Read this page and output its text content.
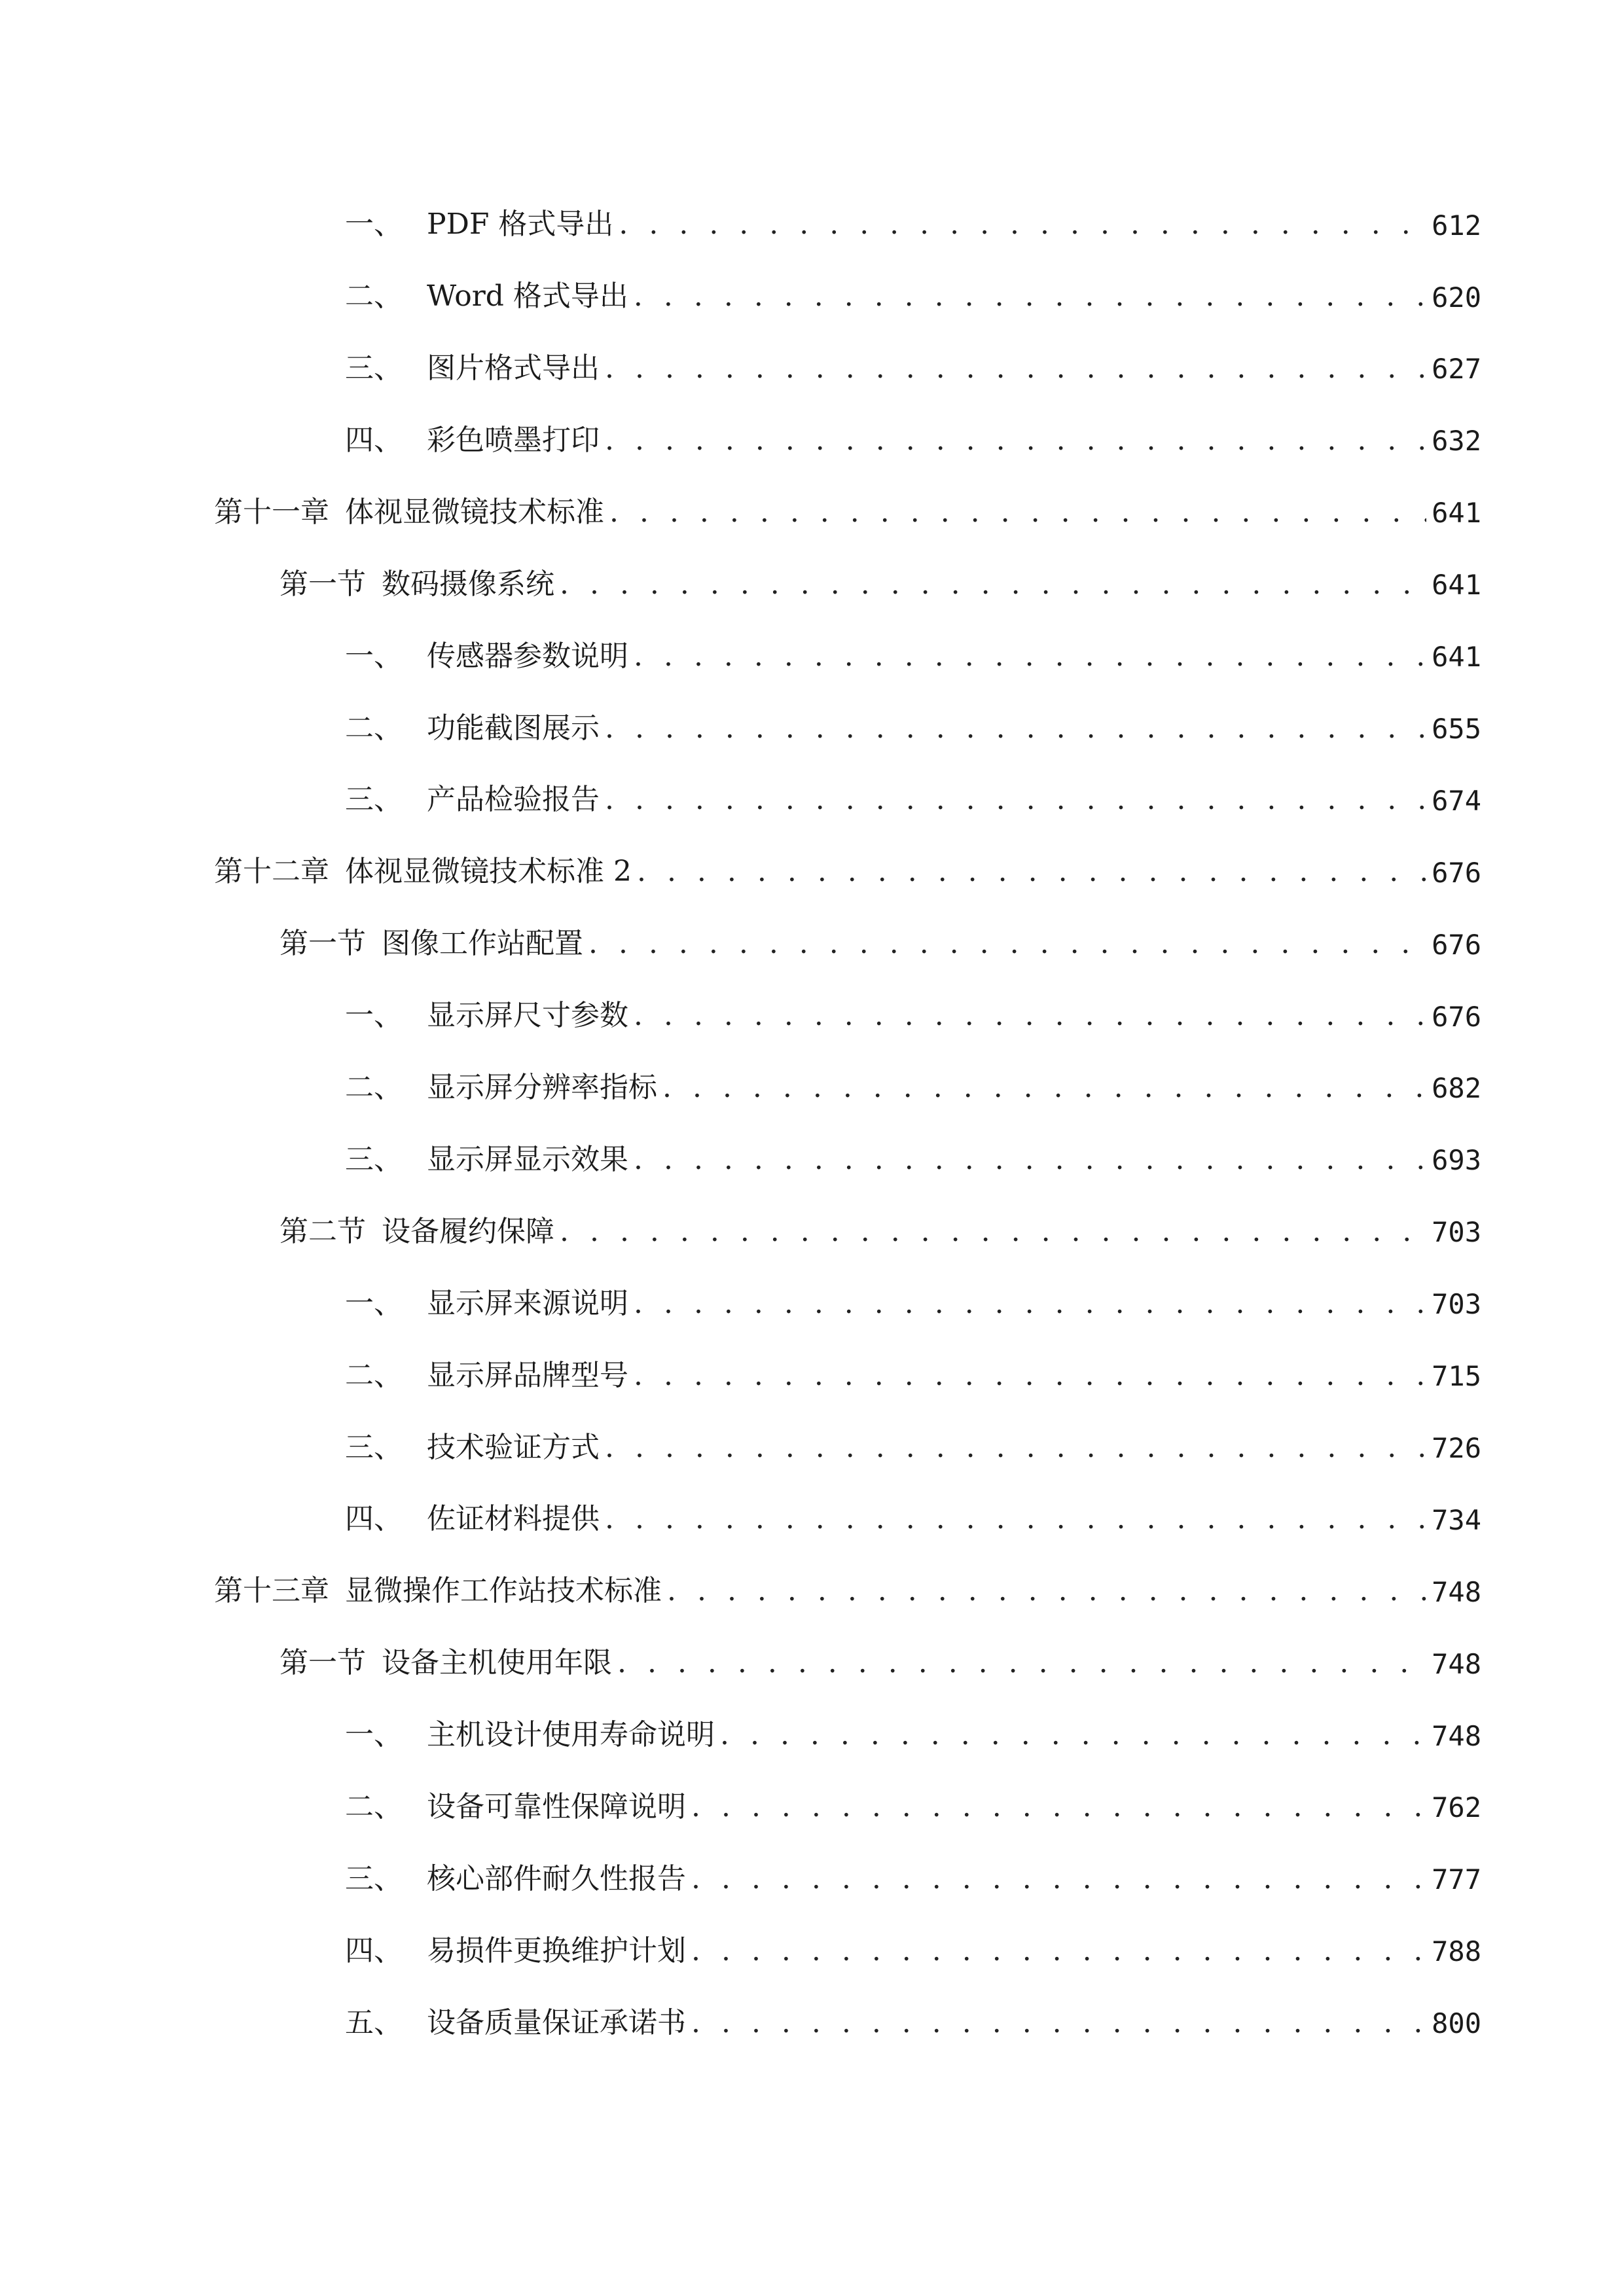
一、 PDF 格式导出 . . .	612
二、 Word 格式导出 . . .	620
三、 图片格式导出 . . .	627
四、 彩色喷墨打印 . . .	632
第十一章 体视显微镜技术标准 . . .	641
第一节 数码摄像系统 . . .	641
一、 传感器参数说明 . . .	641
二、 功能截图展示 . . .	655
三、 产品检验报告 . . .	674
第十二章 体视显微镜技术标准 2 . . .	676
第一节 图像工作站配置 . . .	676
一、 显示屏尺寸参数 . . .	676
二、 显示屏分辨率指标 . . .	682
三、 显示屏显示效果 . . .	693
第二节 设备履约保障 . . .	703
一、 显示屏来源说明 . . .	703
二、 显示屏品牌型号 . . .	715
三、 技术验证方式 . . .	726
四、 佐证材料提供 . . .	734
第十三章 显微操作工作站技术标准 . . .	748
第一节 设备主机使用年限 . . .	748
一、 主机设计使用寿命说明 . . .	748
二、 设备可靠性保障说明 . . .	762
三、 核心部件耐久性报告 . . .	777
四、 易损件更换维护计划 . . .	788
五、 设备质量保证承诺书 . . .	800
